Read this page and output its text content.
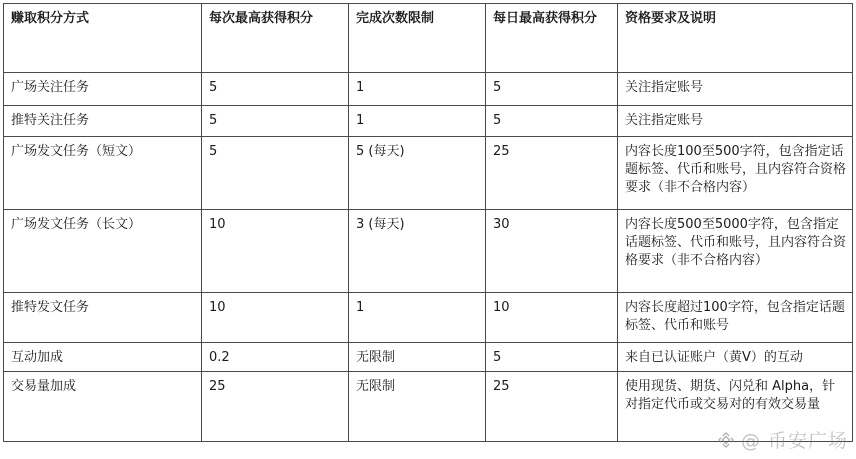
赚取积分方式	每次最高获得积分	完成次数限制	每日最高获得积分	资格要求及说明
广场关注任务	5	1	5	关注指定账号
推特关注任务	5	1	5	关注指定账号
广场发文任务（短文）	5	5 (每天)	25	内容长度100至500字符，包含指定话题标签、代币和账号，且内容符合资格要求（非不合格内容）
广场发文任务（长文）	10	3 (每天)	30	内容长度500至5000字符，包含指定话题标签、代币和账号，且内容符合资格要求（非不合格内容）
推特发文任务	10	1	10	内容长度超过100字符，包含指定话题标签、代币和账号
互动加成	0.2	无限制	5	来自已认证账户（黄V）的互动
交易量加成	25	无限制	25	使用现货、期货、闪兑和 Alpha，针对指定代币或交易对的有效交易量
@ 币安广场
